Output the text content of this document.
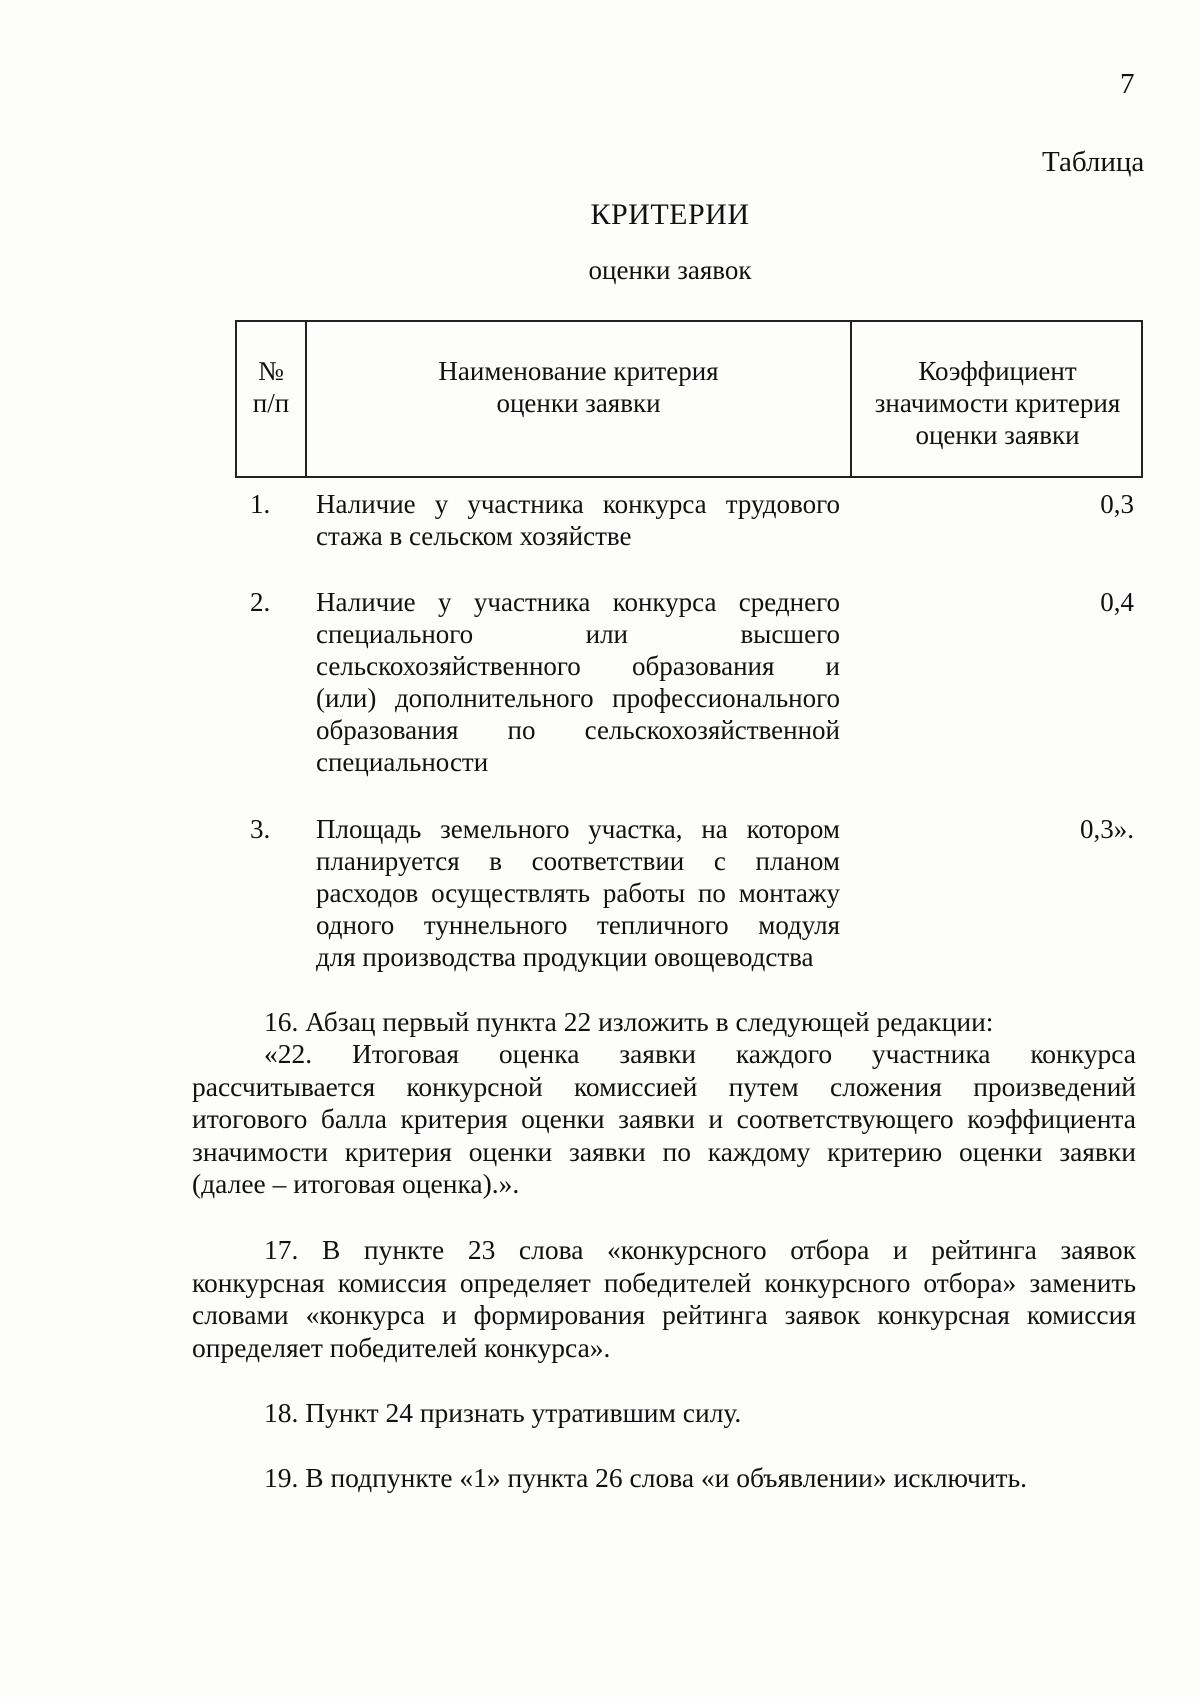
7
Таблица
КРИТЕРИИ
оценки заявок
№
п/п
Наименование критерия
оценки заявки
Коэффициент
значимости критерия
оценки заявки
1. Наличие у участника конкурса трудового
стажа в сельском хозяйстве
0,3
2. Наличие у участника конкурса среднего
специального или высшего
сельскохозяйственного образования и
(или) дополнительного профессионального
образования по сельскохозяйственной
специальности
0,4
3. Площадь земельного участка, на котором
планируется в соответствии с планом
расходов осуществлять работы по монтажу
одного туннельного тепличного модуля
для производства продукции овощеводства
0,3».
16. Абзац первый пункта 22 изложить в следующей редакции:
«22. Итоговая оценка заявки каждого участника конкурса
рассчитывается конкурсной комиссией путем сложения произведений
итогового балла критерия оценки заявки и соответствующего коэффициента
значимости критерия оценки заявки по каждому критерию оценки заявки
(далее – итоговая оценка).».
17. В пункте 23 слова «конкурсного отбора и рейтинга заявок
конкурсная комиссия определяет победителей конкурсного отбора» заменить
словами «конкурса и формирования рейтинга заявок конкурсная комиссия
определяет победителей конкурса».
18. Пункт 24 признать утратившим силу.
19. В подпункте «1» пункта 26 слова «и объявлении» исключить.
